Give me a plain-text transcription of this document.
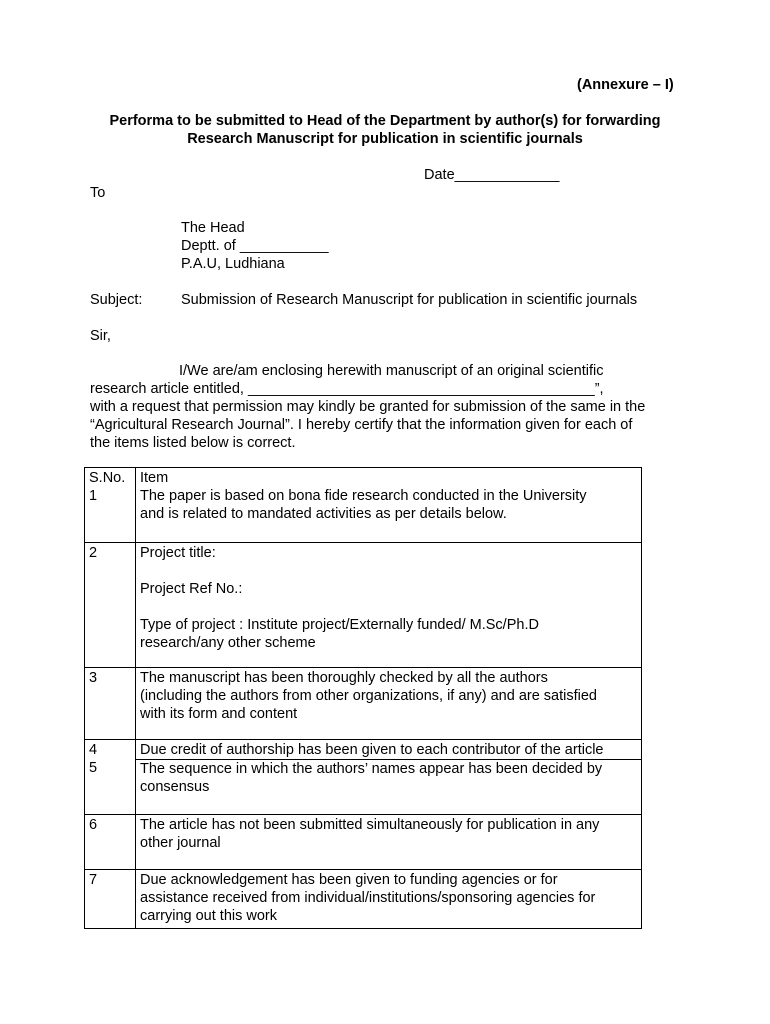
(Annexure – I)
Performa to be submitted to Head of the Department by author(s) for forwarding
Research Manuscript for publication in scientific journals
Date_____________
To
The Head
Deptt. of ___________
P.A.U, Ludhiana
Subject:	Submission of Research Manuscript for publication in scientific journals
Sir,
I/We are/am enclosing herewith manuscript of an original scientific
research article entitled, ___________________________________________”,
with a request that permission may kindly be granted for submission of the same in the
“Agricultural Research Journal”. I hereby certify that the information given for each of
the items listed below is correct.
S.No.	Item
1	The paper is based on bona fide research conducted in the University
and is related to mandated activities as per details below.

2	Project title:
Project Ref No.:
Type of project : Institute project/Externally funded/ M.Sc/Ph.D
research/any other scheme

3	The manuscript has been thoroughly checked by all the authors
(including the authors from other organizations, if any) and are satisfied
with its form and content

4	Due credit of authorship has been given to each contributor of the article

5	The sequence in which the authors’ names appear has been decided by
consensus

6	The article has not been submitted simultaneously for publication in any
other journal

7	Due acknowledgement has been given to funding agencies or for
assistance received from individual/institutions/sponsoring agencies for
carrying out this work
